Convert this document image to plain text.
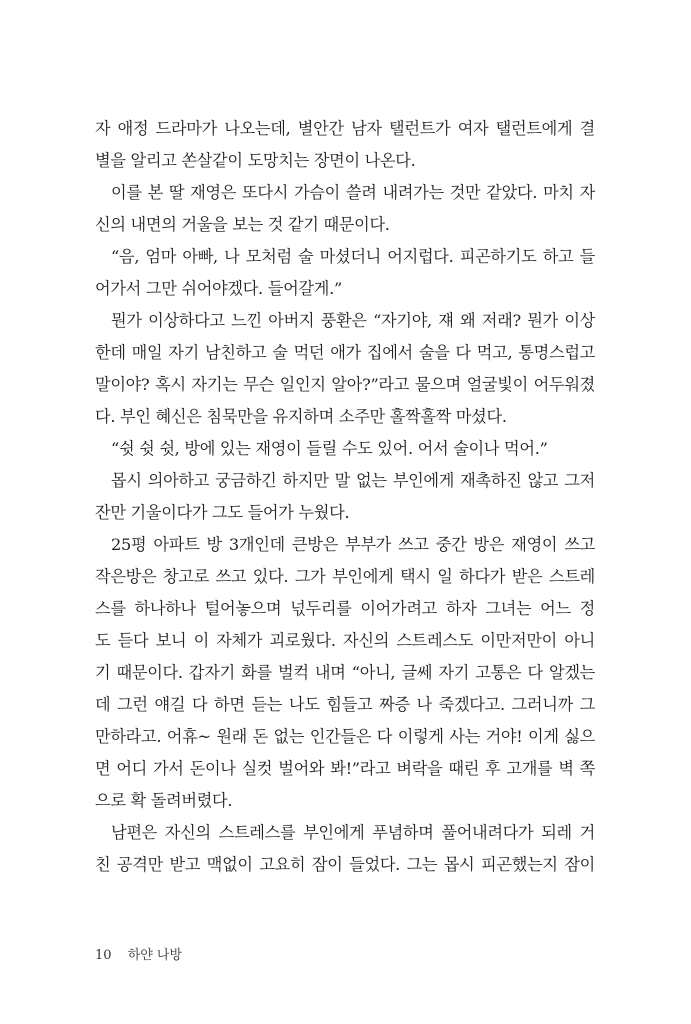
자 애정 드라마가 나오는데, 별안간 남자 탤런트가 여자 탤런트에게 결
별을 알리고 쏜살같이 도망치는 장면이 나온다.
이를 본 딸 재영은 또다시 가슴이 쓸려 내려가는 것만 같았다. 마치 자
신의 내면의 거울을 보는 것 같기 때문이다.
“음, 엄마 아빠, 나 모처럼 술 마셨더니 어지럽다. 피곤하기도 하고 들
어가서 그만 쉬어야겠다. 들어갈게.”
뭔가 이상하다고 느낀 아버지 풍환은 “자기야, 쟤 왜 저래? 뭔가 이상
한데 매일 자기 남친하고 술 먹던 애가 집에서 술을 다 먹고, 통명스럽고
말이야? 혹시 자기는 무슨 일인지 알아?”라고 물으며 얼굴빛이 어두워졌
다. 부인 혜신은 침묵만을 유지하며 소주만 홀짝홀짝 마셨다.
“쉿 쉿 쉿, 방에 있는 재영이 들릴 수도 있어. 어서 술이나 먹어.”
몹시 의아하고 궁금하긴 하지만 말 없는 부인에게 재촉하진 않고 그저
잔만 기울이다가 그도 들어가 누웠다.
25평 아파트 방 3개인데 큰방은 부부가 쓰고 중간 방은 재영이 쓰고
작은방은 창고로 쓰고 있다. 그가 부인에게 택시 일 하다가 받은 스트레
스를 하나하나 털어놓으며 넋두리를 이어가려고 하자 그녀는 어느 정
도 듣다 보니 이 자체가 괴로웠다. 자신의 스트레스도 이만저만이 아니
기 때문이다. 갑자기 화를 벌컥 내며 “아니, 글쎄 자기 고통은 다 알겠는
데 그런 얘길 다 하면 듣는 나도 힘들고 짜증 나 죽겠다고. 그러니까 그
만하라고. 어휴~ 원래 돈 없는 인간들은 다 이렇게 사는 거야! 이게 싫으
면 어디 가서 돈이나 실컷 벌어와 봐!”라고 벼락을 때린 후 고개를 벽 쪽
으로 확 돌려버렸다.
남편은 자신의 스트레스를 부인에게 푸념하며 풀어내려다가 되레 거
친 공격만 받고 맥없이 고요히 잠이 들었다. 그는 몹시 피곤했는지 잠이
10 하얀 나방
